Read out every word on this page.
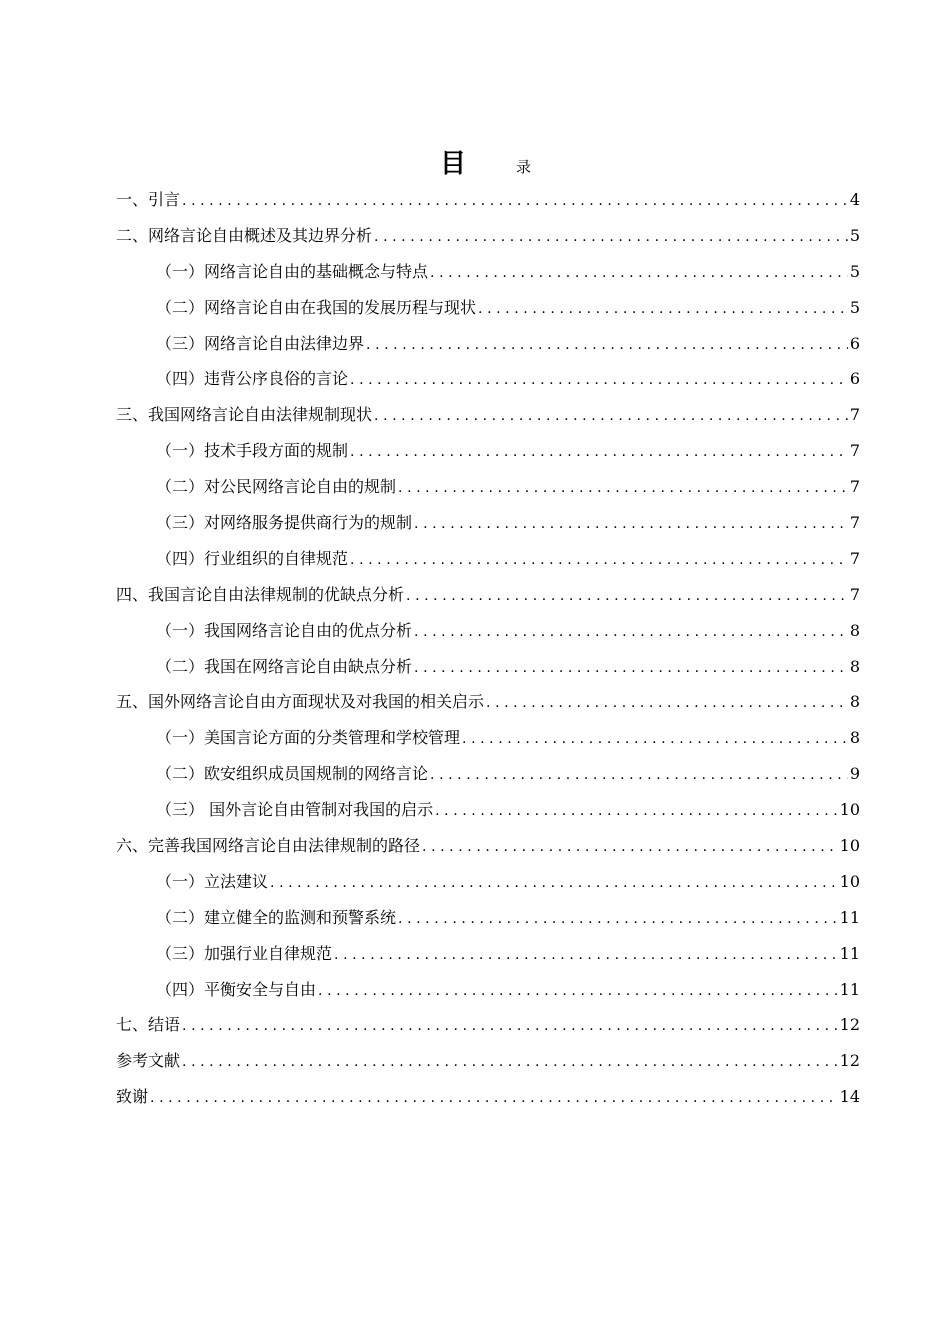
目	录
一、引言 .....	4
二、网络言论自由概述及其边界分析 .....	5
（一）网络言论自由的基础概念与特点 .....	5
（二）网络言论自由在我国的发展历程与现状 .....	5
（三）网络言论自由法律边界 .....	6
（四）违背公序良俗的言论 .....	6
三、我国网络言论自由法律规制现状 .....	7
（一）技术手段方面的规制 .....	7
（二）对公民网络言论自由的规制 .....	7
（三）对网络服务提供商行为的规制 .....	7
（四）行业组织的自律规范 .....	7
四、我国言论自由法律规制的优缺点分析 .....	7
（一）我国网络言论自由的优点分析 .....	8
（二）我国在网络言论自由缺点分析 .....	8
五、国外网络言论自由方面现状及对我国的相关启示 .....	8
（一）美国言论方面的分类管理和学校管理 .....	8
（二）欧安组织成员国规制的网络言论 .....	9
（三） 国外言论自由管制对我国的启示 .....	10
六、完善我国网络言论自由法律规制的路径 .....	10
（一）立法建议 .....	10
（二）建立健全的监测和预警系统 .....	11
（三）加强行业自律规范 .....	11
（四）平衡安全与自由 .....	11
七、结语 .....	12
参考文献 .....	12
致谢 .....	14
